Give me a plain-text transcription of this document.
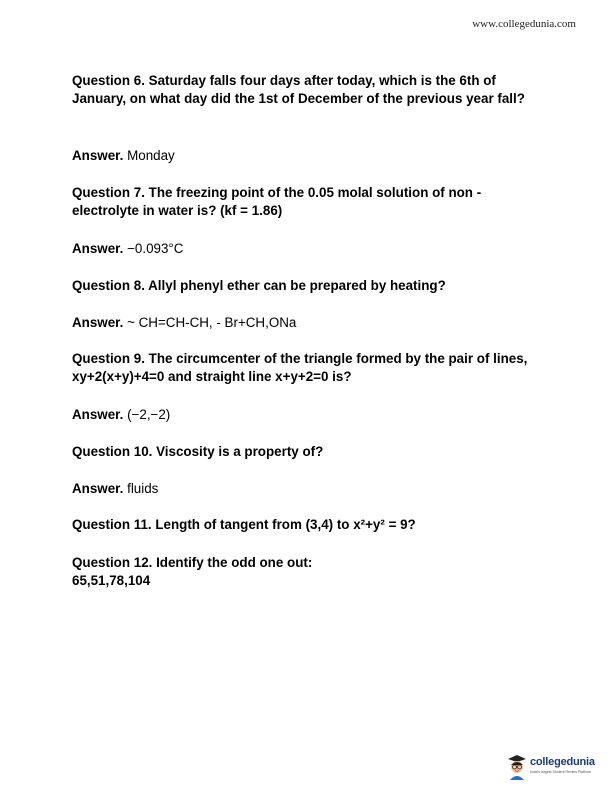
www.collegedunia.com
Question 6. Saturday falls four days after today, which is the 6th of January, on what day did the 1st of December of the previous year fall?
Answer. Monday
Question 7. The freezing point of the 0.05 molal solution of non - electrolyte in water is? (kf = 1.86)
Answer. −0.093°C
Question 8. Allyl phenyl ether can be prepared by heating?
Answer. ~ CH=CH-CH, - Br+CH,ONa
Question 9. The circumcenter of the triangle formed by the pair of lines, xy+2(x+y)+4=0 and straight line x+y+2=0 is?
Answer. (−2,−2)
Question 10. Viscosity is a property of?
Answer. fluids
Question 11. Length of tangent from (3,4) to x²+y² = 9?
Question 12. Identify the odd one out:
65,51,78,104
collegedunia
India's largest Student Review Platform
